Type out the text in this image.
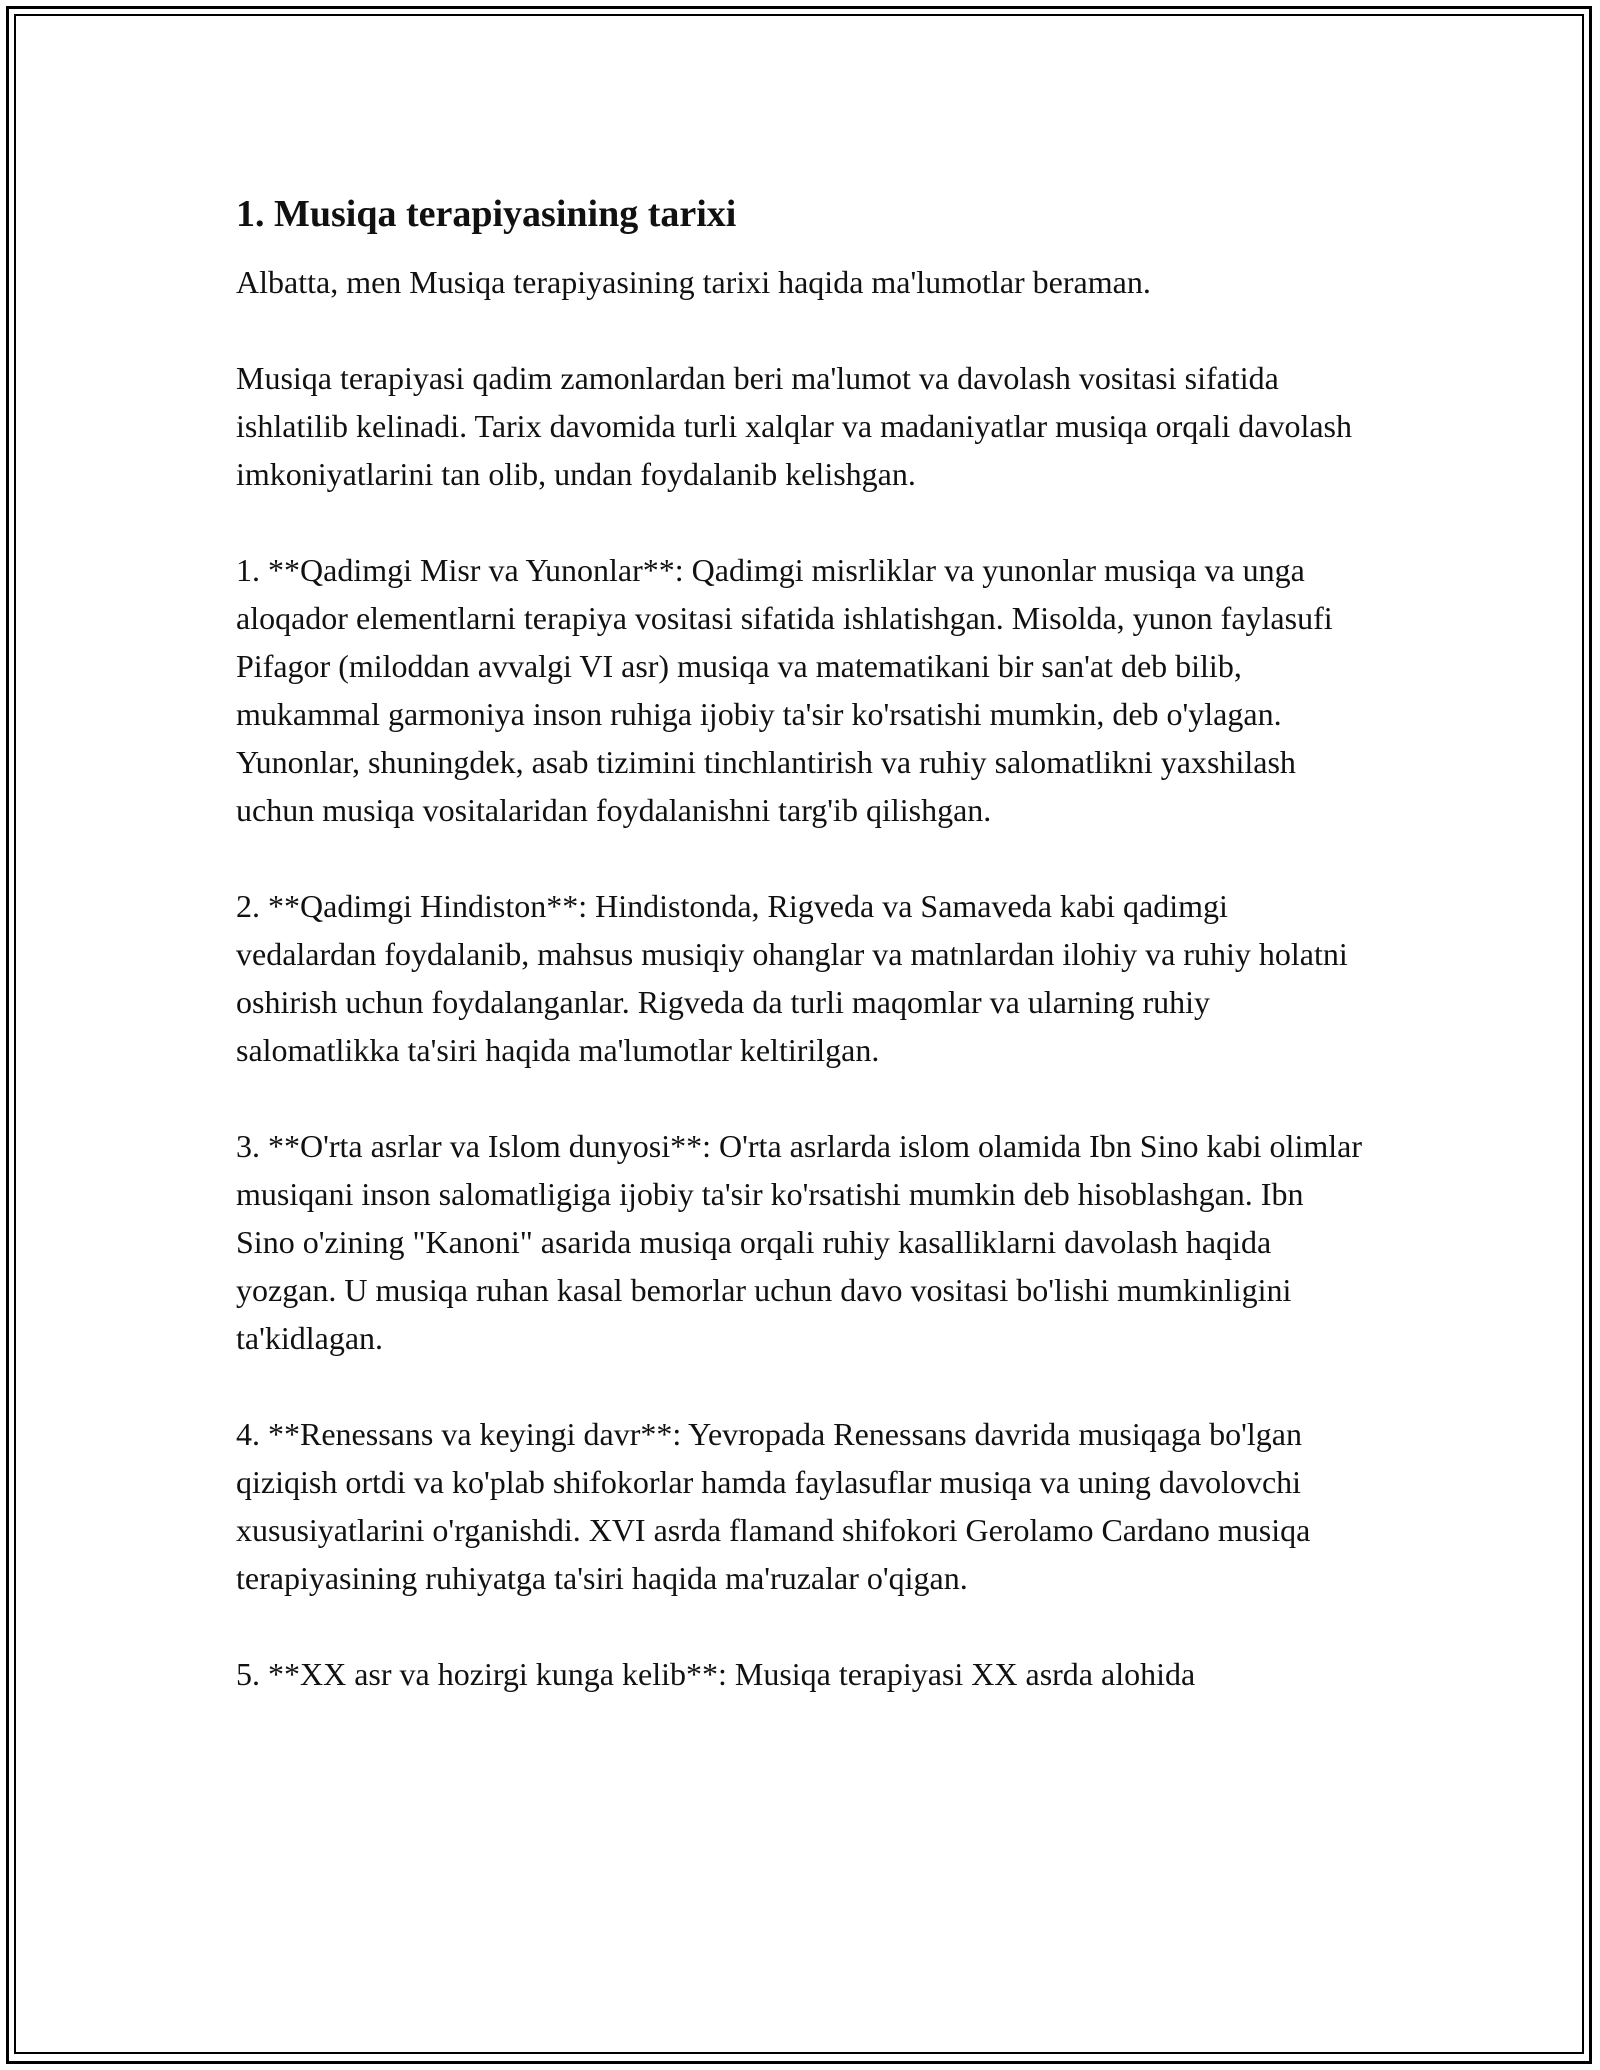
1. Musiqa terapiyasining tarixi

Albatta, men Musiqa terapiyasining tarixi haqida ma'lumotlar beraman.

Musiqa terapiyasi qadim zamonlardan beri ma'lumot va davolash vositasi sifatida ishlatilib kelinadi. Tarix davomida turli xalqlar va madaniyatlar musiqa orqali davolash imkoniyatlarini tan olib, undan foydalanib kelishgan.

1. **Qadimgi Misr va Yunonlar**: Qadimgi misrliklar va yunonlar musiqa va unga aloqador elementlarni terapiya vositasi sifatida ishlatishgan. Misolda, yunon faylasufi Pifagor (miloddan avvalgi VI asr) musiqa va matematikani bir san'at deb bilib, mukammal garmoniya inson ruhiga ijobiy ta'sir ko'rsatishi mumkin, deb o'ylagan. Yunonlar, shuningdek, asab tizimini tinchlantirish va ruhiy salomatlikni yaxshilash uchun musiqa vositalaridan foydalanishni targ'ib qilishgan.

2. **Qadimgi Hindiston**: Hindistonda, Rigveda va Samaveda kabi qadimgi vedalardan foydalanib, mahsus musiqiy ohanglar va matnlardan ilohiy va ruhiy holatni oshirish uchun foydalanganlar. Rigveda da turli maqomlar va ularning ruhiy salomatlikka ta'siri haqida ma'lumotlar keltirilgan.

3. **O'rta asrlar va Islom dunyosi**: O'rta asrlarda islom olamida Ibn Sino kabi olimlar musiqani inson salomatligiga ijobiy ta'sir ko'rsatishi mumkin deb hisoblashgan. Ibn Sino o'zining "Kanoni" asarida musiqa orqali ruhiy kasalliklarni davolash haqida yozgan. U musiqa ruhan kasal bemorlar uchun davo vositasi bo'lishi mumkinligini ta'kidlagan.

4. **Renessans va keyingi davr**: Yevropada Renessans davrida musiqaga bo'lgan qiziqish ortdi va ko'plab shifokorlar hamda faylasuflar musiqa va uning davolovchi xususiyatlarini o'rganishdi. XVI asrda flamand shifokori Gerolamo Cardano musiqa terapiyasining ruhiyatga ta'siri haqida ma'ruzalar o'qigan.

5. **XX asr va hozirgi kunga kelib**: Musiqa terapiyasi XX asrda alohida
